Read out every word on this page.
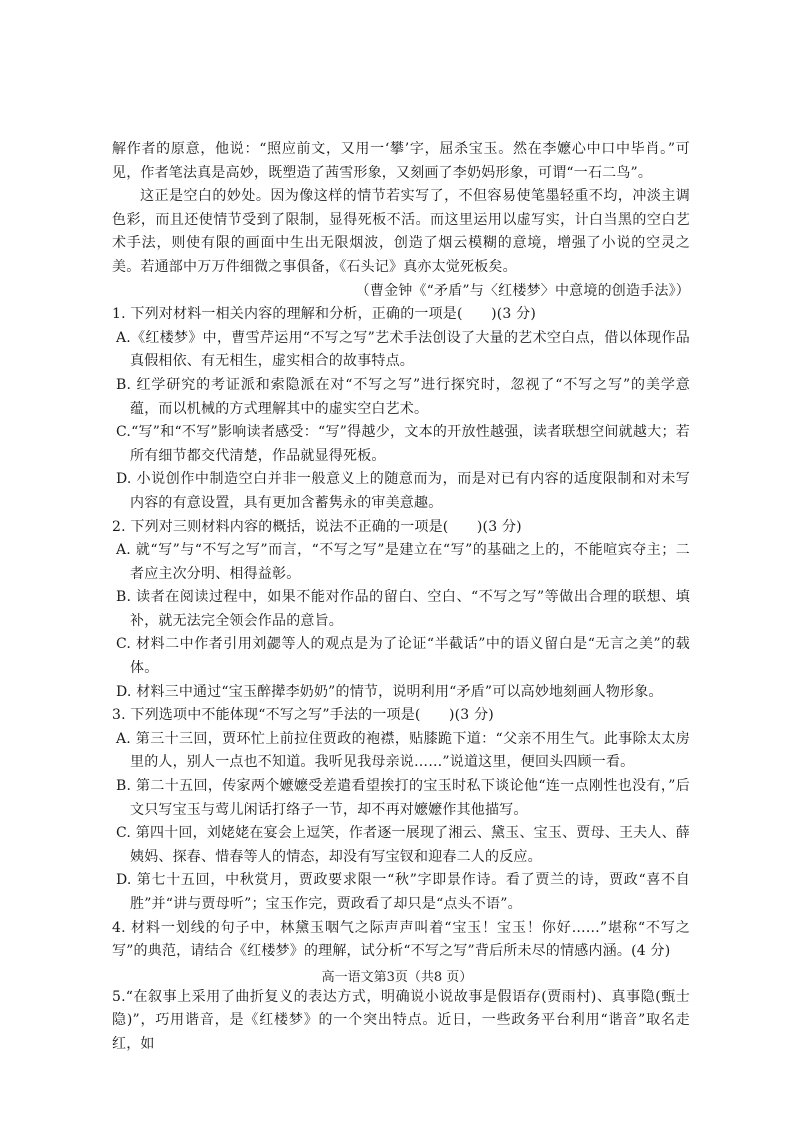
解作者的原意，他说：“照应前文，又用一‘攀’字，屈杀宝玉。然在李嬷心中口中毕肖。”可见，作者笔法真是高妙，既塑造了茜雪形象，又刻画了李奶妈形象，可谓“一石二鸟”。

这正是空白的妙处。因为像这样的情节若实写了，不但容易使笔墨轻重不均，冲淡主调色彩，而且还使情节受到了限制，显得死板不活。而这里运用以虚写实，计白当黑的空白艺术手法，则使有限的画面中生出无限烟波，创造了烟云模糊的意境，增强了小说的空灵之美。若通部中万万件细微之事俱备，《石头记》真亦太觉死板矣。

（曹金钟《“矛盾”与〈红楼梦〉中意境的创造手法》）

1. 下列对材料一相关内容的理解和分析，正确的一项是(　　)(3 分)

A.《红楼梦》中，曹雪芹运用“不写之写”艺术手法创设了大量的艺术空白点，借以体现作品真假相依、有无相生，虚实相合的故事特点。

B. 红学研究的考证派和索隐派在对“不写之写”进行探究时，忽视了“不写之写”的美学意蕴，而以机械的方式理解其中的虚实空白艺术。

C.“写”和“不写”影响读者感受：“写”得越少，文本的开放性越强，读者联想空间就越大；若所有细节都交代清楚，作品就显得死板。

D. 小说创作中制造空白并非一般意义上的随意而为，而是对已有内容的适度限制和对未写内容的有意设置，具有更加含蓄隽永的审美意趣。

2. 下列对三则材料内容的概括，说法不正确的一项是(　　)(3 分)

A. 就“写”与“不写之写”而言，“不写之写”是建立在“写”的基础之上的，不能喧宾夺主；二者应主次分明、相得益彰。

B. 读者在阅读过程中，如果不能对作品的留白、空白、“不写之写”等做出合理的联想、填补，就无法完全领会作品的意旨。

C. 材料二中作者引用刘勰等人的观点是为了论证“半截话”中的语义留白是“无言之美”的载体。

D. 材料三中通过“宝玉醉撵李奶奶”的情节，说明利用“矛盾”可以高妙地刻画人物形象。

3. 下列选项中不能体现“不写之写”手法的一项是(　　)(3 分)

A. 第三十三回，贾环忙上前拉住贾政的袍襟，贴膝跪下道：“父亲不用生气。此事除太太房里的人，别人一点也不知道。我听见我母亲说……”说道这里，便回头四顾一看。

B. 第二十五回，传家两个嬷嬷受差遣看望挨打的宝玉时私下谈论他“连一点刚性也没有，”后文只写宝玉与莺儿闲话打络子一节，却不再对嬷嬷作其他描写。

C. 第四十回，刘姥姥在宴会上逗笑，作者逐一展现了湘云、黛玉、宝玉、贾母、王夫人、薛姨妈、探春、惜春等人的情态，却没有写宝钗和迎春二人的反应。

D. 第七十五回，中秋赏月，贾政要求限一“秋”字即景作诗。看了贾兰的诗，贾政“喜不自胜”并“讲与贾母听”；宝玉作完，贾政看了却只是“点头不语”。

4. 材料一划线的句子中，林黛玉咽气之际声声叫着“宝玉！宝玉！你好……”堪称“不写之写”的典范，请结合《红楼梦》的理解，试分析“不写之写”背后所未尽的情感内涵。(4 分)

5.“在叙事上采用了曲折复义的表达方式，明确说小说故事是假语存(贾雨村)、真事隐(甄士隐)”，巧用谐音，是《红楼梦》的一个突出特点。近日，一些政务平台利用“谐音”取名走红，如

高一语文第3页（共8 页）
